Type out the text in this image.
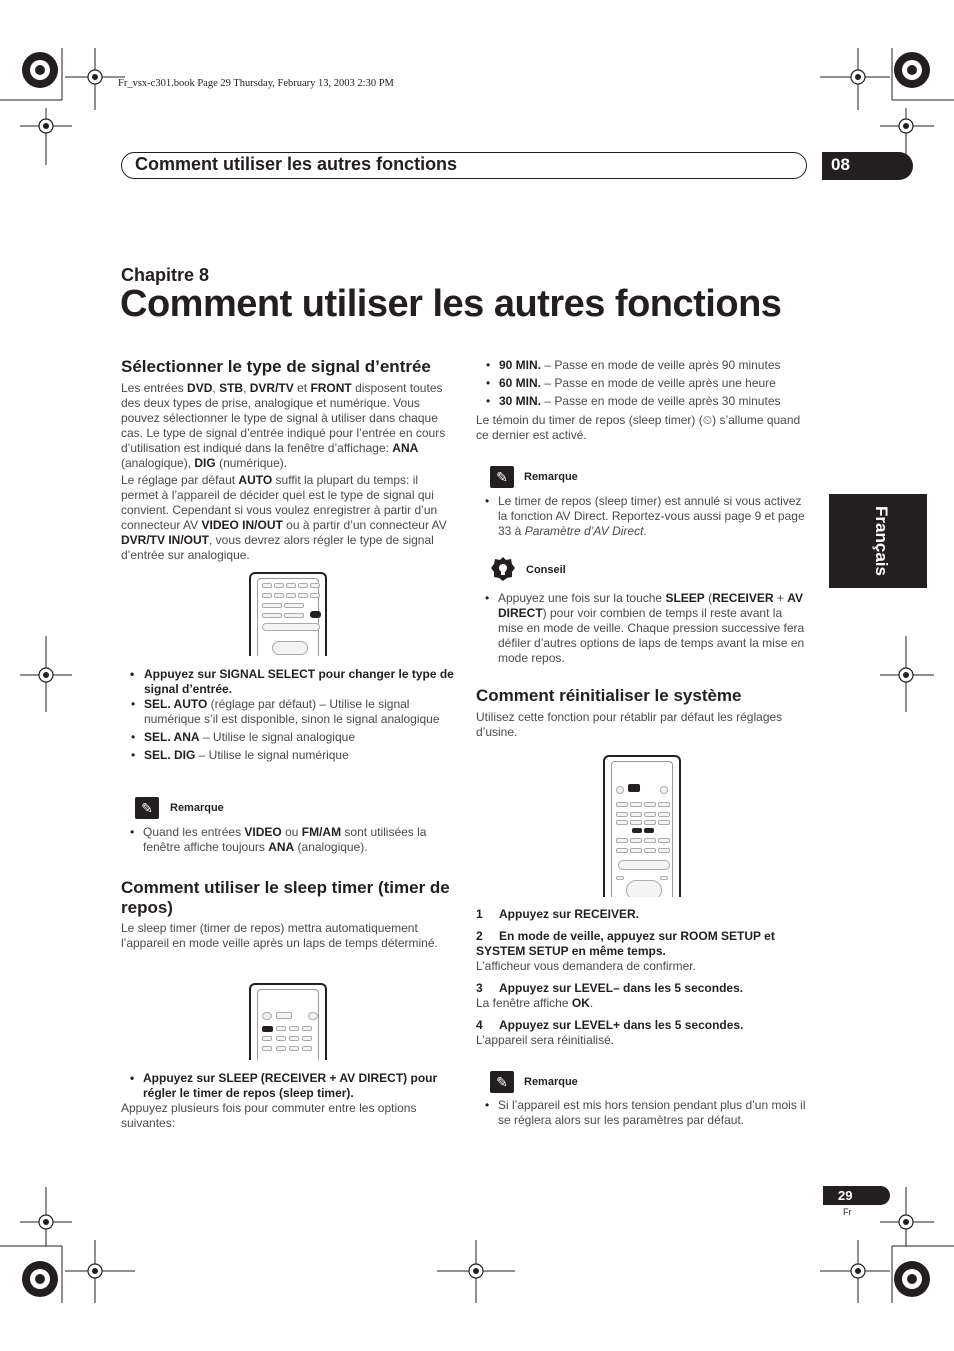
Fr_vsx-c301.book Page 29 Thursday, February 13, 2003 2:30 PM
Comment utiliser les autres fonctions	08
Français
Chapitre 8
Comment utiliser les autres fonctions
Sélectionner le type de signal d’entrée

Les entrées DVD, STB, DVR/TV et FRONT disposent toutes des deux types de prise, analogique et numérique. Vous pouvez sélectionner le type de signal à utiliser dans chaque cas. Le type de signal d’entrée indiqué pour l’entrée en cours d’utilisation est indiqué dans la fenêtre d’affichage: ANA (analogique), DIG (numérique).

Le réglage par défaut AUTO suffit la plupart du temps: il permet à l’appareil de décider quel est le type de signal qui convient. Cependant si vous voulez enregistrer à partir d’un connecteur AV VIDEO IN/OUT ou à partir d’un connecteur AV DVR/TV IN/OUT, vous devrez alors régler le type de signal d’entrée sur analogique.

• Appuyez sur SIGNAL SELECT pour changer le type de signal d’entrée.

• SEL. AUTO (réglage par défaut) – Utilise le signal numérique s’il est disponible, sinon le signal analogique

• SEL. ANA – Utilise le signal analogique

• SEL. DIG – Utilise le signal numérique

✎	Remarque

• Quand les entrées VIDEO ou FM/AM sont utilisées la fenêtre affiche toujours ANA (analogique).

Comment utiliser le sleep timer (timer de repos)

Le sleep timer (timer de repos) mettra automatiquement l’appareil en mode veille après un laps de temps déterminé.

• Appuyez sur SLEEP (RECEIVER + AV DIRECT) pour régler le timer de repos (sleep timer).

Appuyez plusieurs fois pour commuter entre les options suivantes:

• 90 MIN. – Passe en mode de veille après 90 minutes

• 60 MIN. – Passe en mode de veille après une heure

• 30 MIN. – Passe en mode de veille après 30 minutes

Le témoin du timer de repos (sleep timer) (⏲) s’allume quand ce dernier est activé.

✎	Remarque

• Le timer de repos (sleep timer) est annulé si vous activez la fonction AV Direct. Reportez-vous aussi page 9 et page 33 à Paramètre d’AV Direct.

Conseil

• Appuyez une fois sur la touche SLEEP (RECEIVER + AV DIRECT) pour voir combien de temps il reste avant la mise en mode de veille. Chaque pression successive fera défiler d’autres options de laps de temps avant la mise en mode repos.

Comment réinitialiser le système

Utilisez cette fonction pour rétablir par défaut les réglages d’usine.

1 Appuyez sur RECEIVER.

2 En mode de veille, appuyez sur ROOM SETUP et SYSTEM SETUP en même temps.

L’afficheur vous demandera de confirmer.

3 Appuyez sur LEVEL– dans les 5 secondes.

La fenêtre affiche OK.

4 Appuyez sur LEVEL+ dans les 5 secondes.

L’appareil sera réinitialisé.

✎	Remarque

• Si l’appareil est mis hors tension pendant plus d’un mois il se réglera alors sur les paramètres par défaut.

29
Fr
